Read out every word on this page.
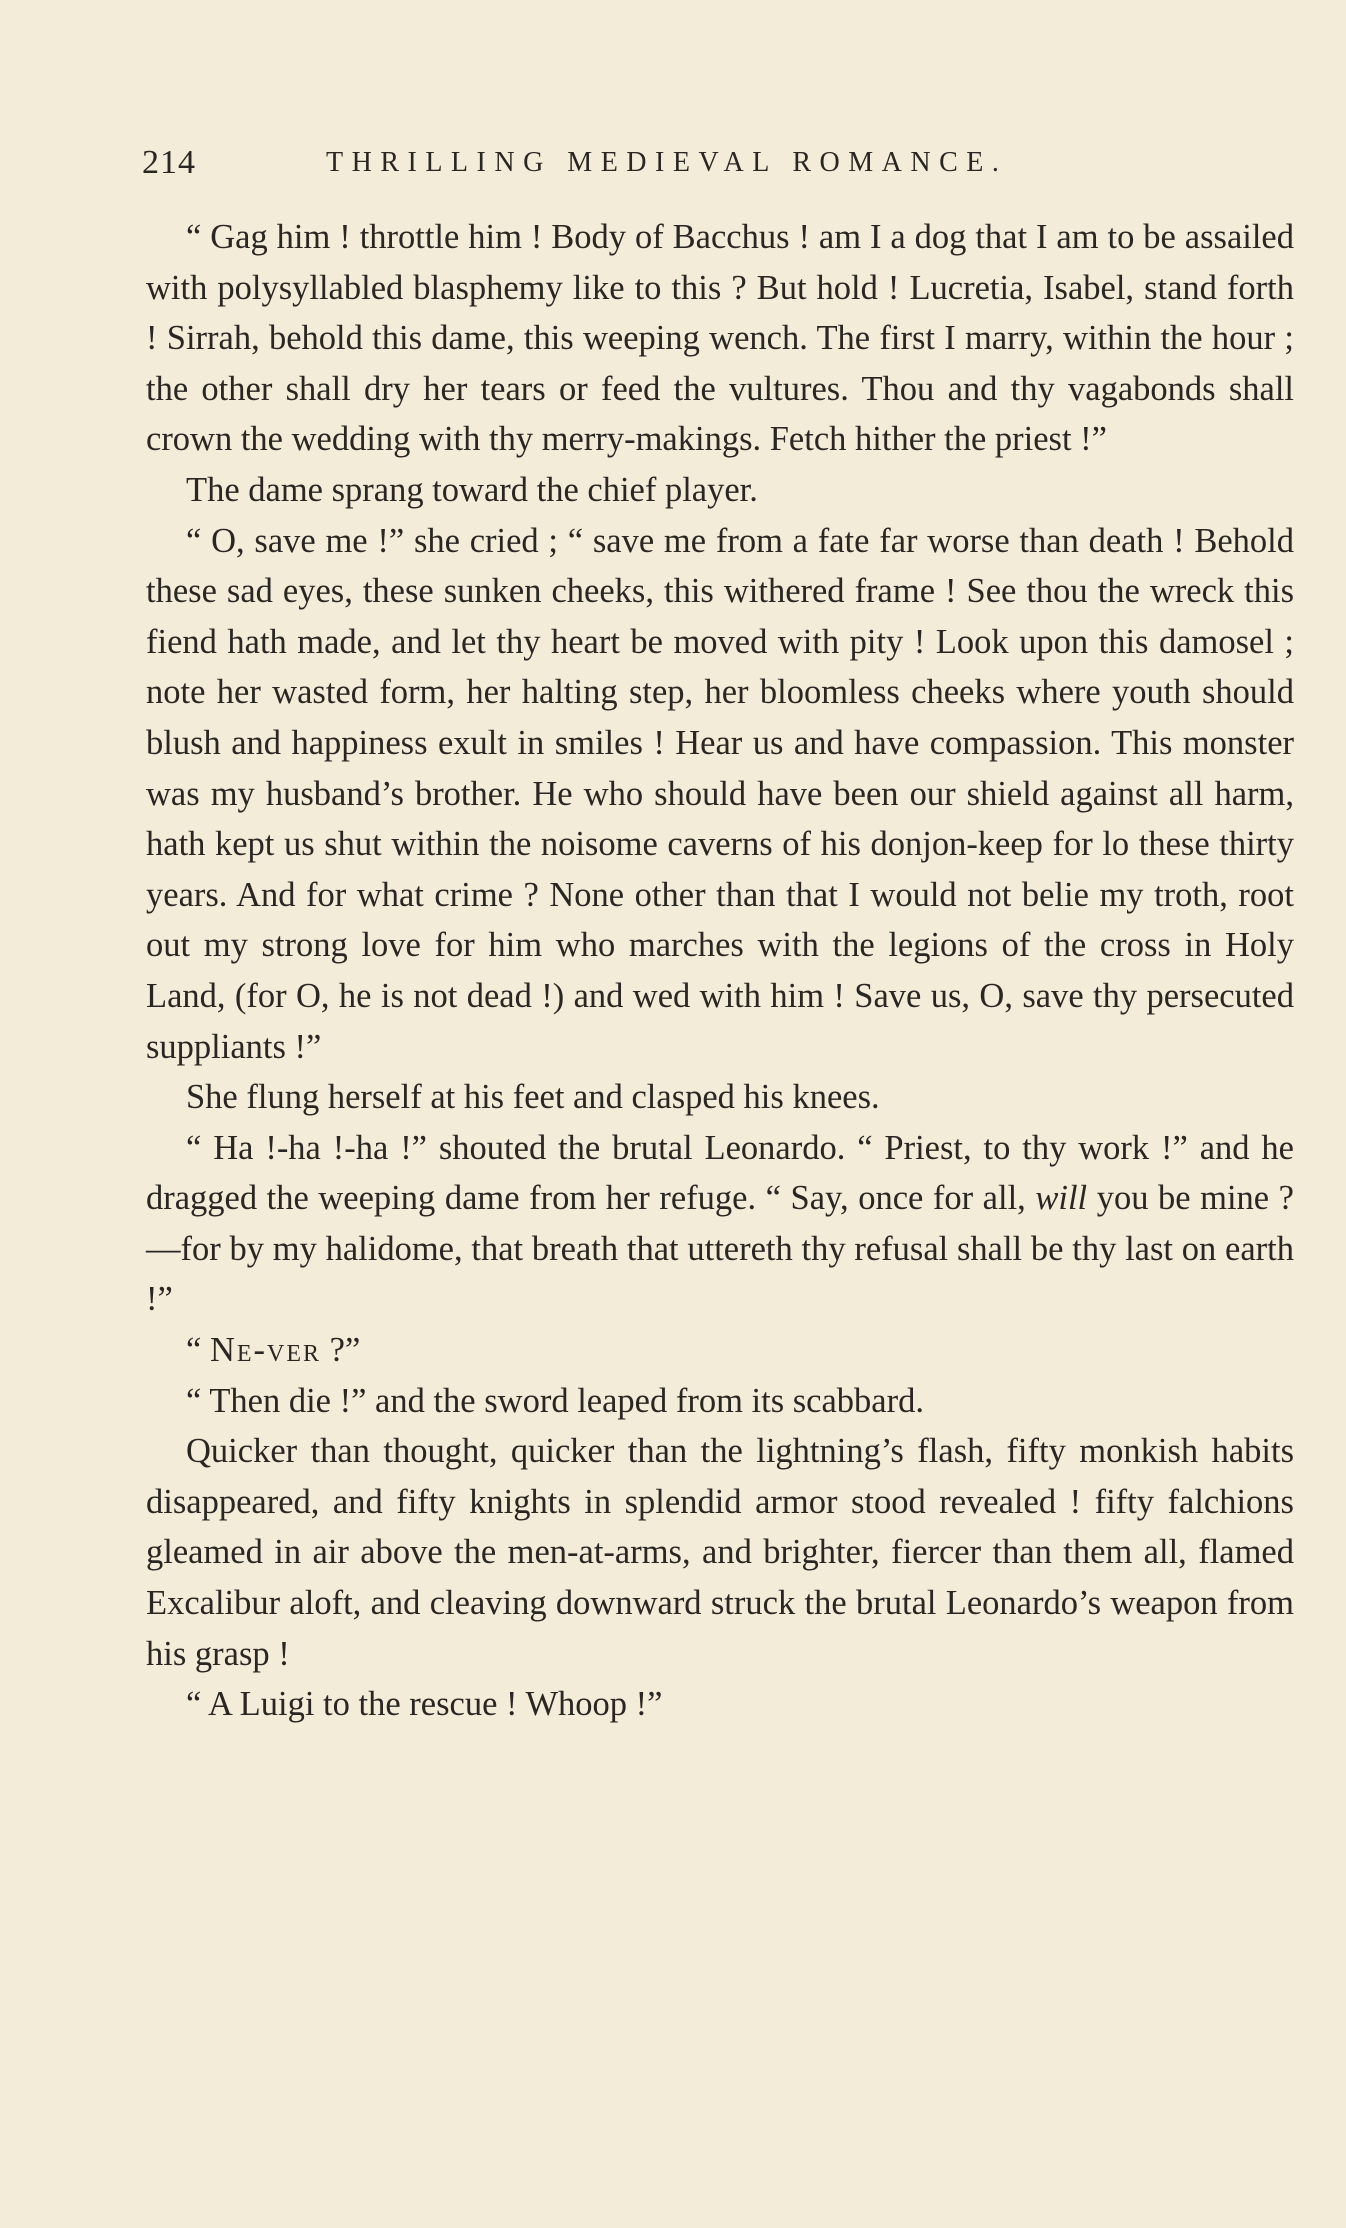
214	THRILLING MEDIEVAL ROMANCE.

“ Gag him ! throttle him ! Body of Bacchus ! am I a dog that I am to be assailed with polysyllabled blasphemy like to this ? But hold ! Lucretia, Isabel, stand forth ! Sirrah, behold this dame, this weeping wench. The first I marry, within the hour ; the other shall dry her tears or feed the vultures. Thou and thy vagabonds shall crown the wedding with thy merry-makings. Fetch hither the priest !”

The dame sprang toward the chief player.

“ O, save me !” she cried ; “ save me from a fate far worse than death ! Behold these sad eyes, these sunken cheeks, this withered frame ! See thou the wreck this fiend hath made, and let thy heart be moved with pity ! Look upon this damosel ; note her wasted form, her halting step, her bloomless cheeks where youth should blush and happiness exult in smiles ! Hear us and have compassion. This monster was my husband’s brother. He who should have been our shield against all harm, hath kept us shut within the noisome caverns of his donjon-keep for lo these thirty years. And for what crime ? None other than that I would not belie my troth, root out my strong love for him who marches with the legions of the cross in Holy Land, (for O, he is not dead !) and wed with him ! Save us, O, save thy persecuted suppliants !”

She flung herself at his feet and clasped his knees.

“ Ha !-ha !-ha !” shouted the brutal Leonardo. “ Priest, to thy work !” and he dragged the weeping dame from her refuge. “ Say, once for all, will you be mine ?—for by my halidome, that breath that uttereth thy refusal shall be thy last on earth !”

“ Ne-ver ?”

“ Then die !” and the sword leaped from its scabbard.

Quicker than thought, quicker than the lightning’s flash, fifty monkish habits disappeared, and fifty knights in splendid armor stood revealed ! fifty falchions gleamed in air above the men-at-arms, and brighter, fiercer than them all, flamed Excalibur aloft, and cleaving downward struck the brutal Leonardo’s weapon from his grasp !

“ A Luigi to the rescue ! Whoop !”
